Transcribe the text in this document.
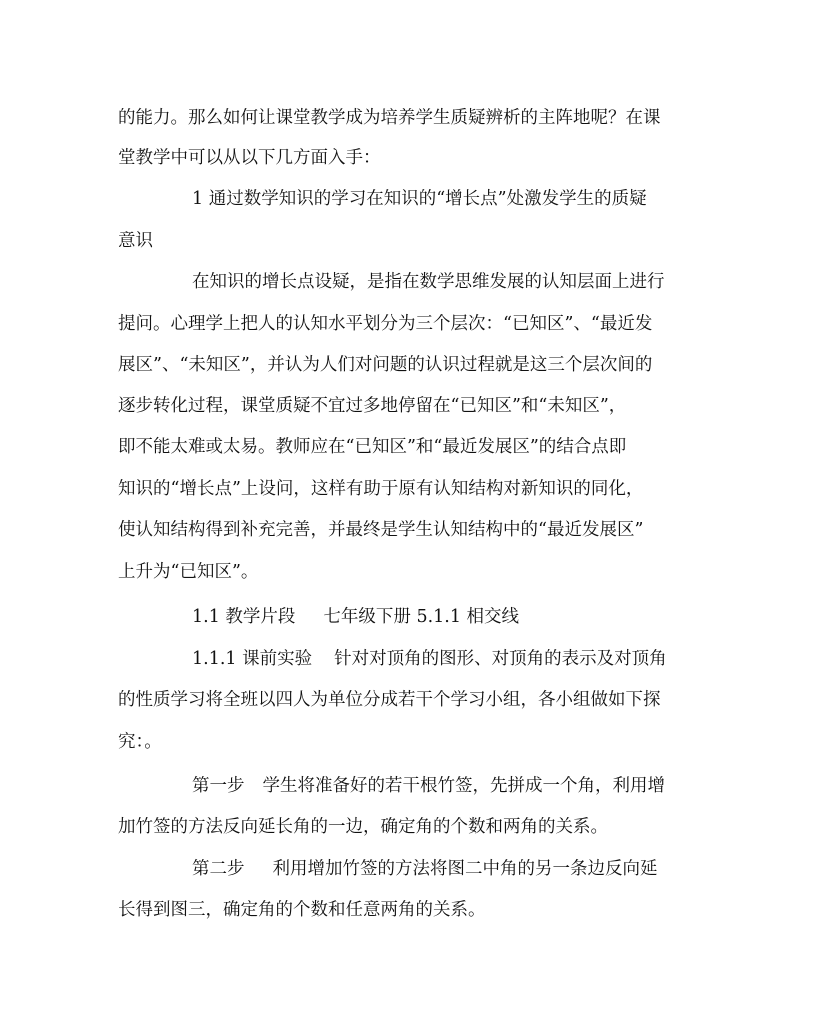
的能力。那么如何让课堂教学成为培养学生质疑辨析的主阵地呢？在课
堂教学中可以从以下几方面入手：
1 通过数学知识的学习在知识的“增长点”处激发学生的质疑
意识
在知识的增长点设疑，是指在数学思维发展的认知层面上进行
提问。心理学上把人的认知水平划分为三个层次：“已知区”、“最近发
展区”、“未知区”，并认为人们对问题的认识过程就是这三个层次间的
逐步转化过程，课堂质疑不宜过多地停留在“已知区”和“未知区”，
即不能太难或太易。教师应在“已知区”和“最近发展区”的结合点即
知识的“增长点”上设问，这样有助于原有认知结构对新知识的同化，
使认知结构得到补充完善，并最终是学生认知结构中的“最近发展区”
上升为“已知区”。
1.1 教学片段 七年级下册 5.1.1 相交线
1.1.1 课前实验 针对对顶角的图形、对顶角的表示及对顶角
的性质学习将全班以四人为单位分成若干个学习小组，各小组做如下探
究：。
第一步 学生将准备好的若干根竹签，先拼成一个角，利用增
加竹签的方法反向延长角的一边，确定角的个数和两角的关系。
第二步 利用增加竹签的方法将图二中角的另一条边反向延
长得到图三，确定角的个数和任意两角的关系。
